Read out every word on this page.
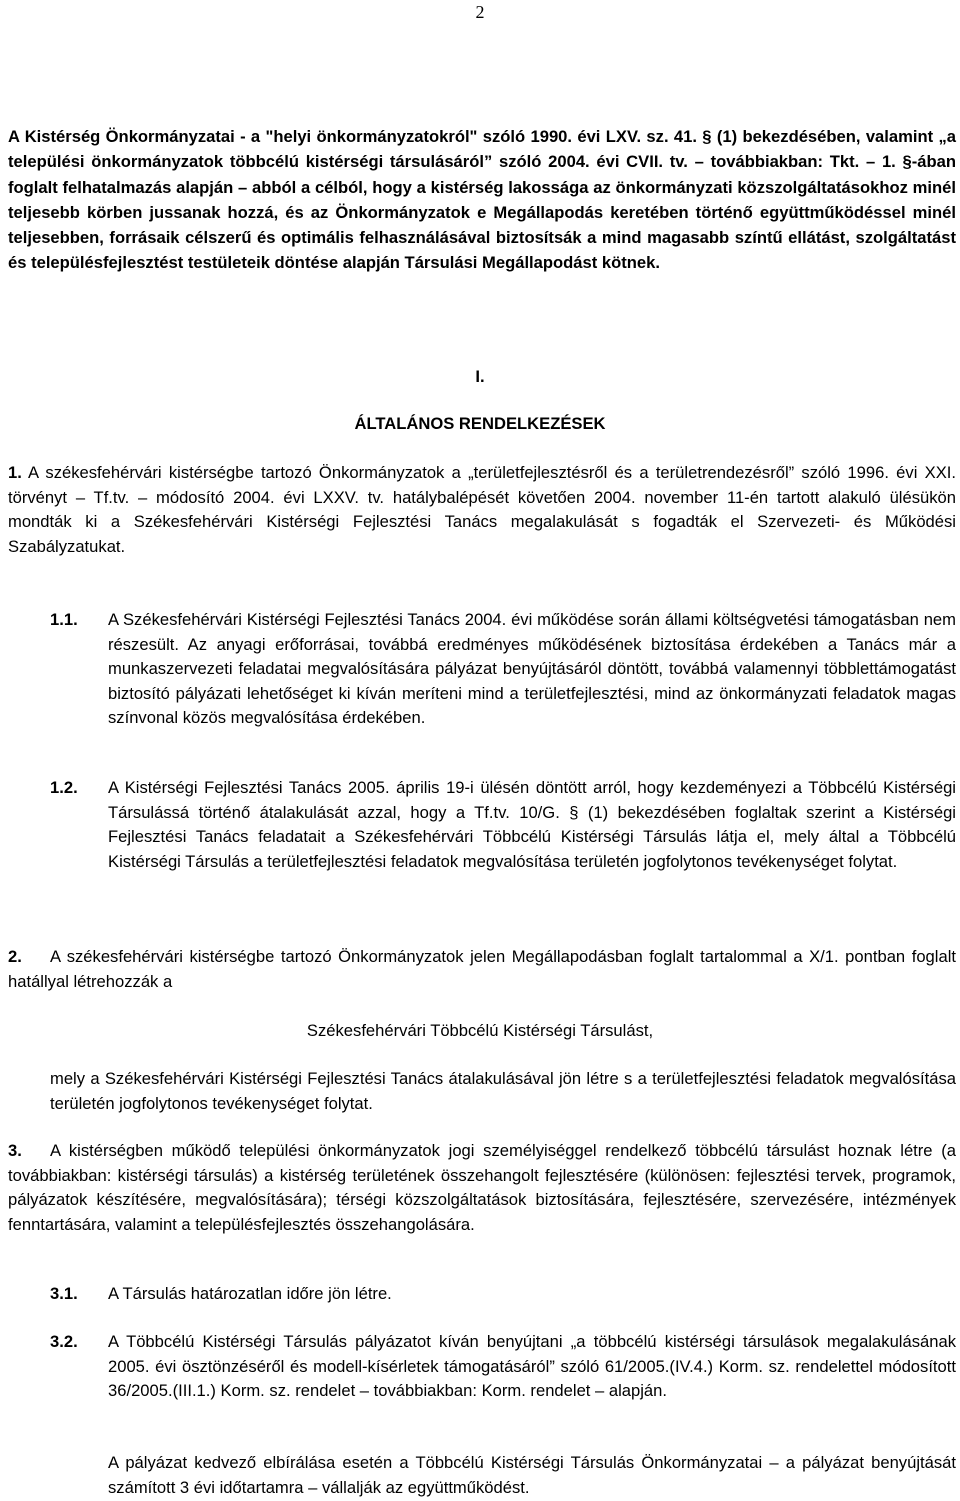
2
A Kistérség Önkormányzatai - a "helyi önkormányzatokról" szóló 1990. évi LXV. sz. 41. § (1) bekezdésében, valamint „a települési önkormányzatok többcélú kistérségi társulásáról” szóló 2004. évi CVII. tv. – továbbiakban: Tkt. – 1. §-ában foglalt felhatalmazás alapján – abból a célból, hogy a kistérség lakossága az önkormányzati közszolgáltatásokhoz minél teljesebb körben jussanak hozzá, és az Önkormányzatok e Megállapodás keretében történő együttműködéssel minél teljesebben, forrásaik célszerű és optimális felhasználásával biztosítsák a mind magasabb színtű ellátást, szolgáltatást és településfejlesztést testületeik döntése alapján Társulási Megállapodást kötnek.
I.
ÁLTALÁNOS RENDELKEZÉSEK
1. A székesfehérvári kistérségbe tartozó Önkormányzatok a „területfejlesztésről és a területrendezésről” szóló 1996. évi XXI. törvényt – Tf.tv. – módosító 2004. évi LXXV. tv. hatálybalépését követően 2004. november 11-én tartott alakuló ülésükön mondták ki a Székesfehérvári Kistérségi Fejlesztési Tanács megalakulását s fogadták el Szervezeti- és Működési Szabályzatukat.
1.1. A Székesfehérvári Kistérségi Fejlesztési Tanács 2004. évi működése során állami költségvetési támogatásban nem részesült. Az anyagi erőforrásai, továbbá eredményes működésének biztosítása érdekében a Tanács már a munkaszervezeti feladatai megvalósítására pályázat benyújtásáról döntött, továbbá valamennyi többlettámogatást biztosító pályázati lehetőséget ki kíván meríteni mind a területfejlesztési, mind az önkormányzati feladatok magas színvonal közös megvalósítása érdekében.
1.2. A Kistérségi Fejlesztési Tanács 2005. április 19-i ülésén döntött arról, hogy kezdeményezi a Többcélú Kistérségi Társulássá történő átalakulását azzal, hogy a Tf.tv. 10/G. § (1) bekezdésében foglaltak szerint a Kistérségi Fejlesztési Tanács feladatait a Székesfehérvári Többcélú Kistérségi Társulás látja el, mely által a Többcélú Kistérségi Társulás a területfejlesztési feladatok megvalósítása területén jogfolytonos tevékenységet folytat.
2.	A székesfehérvári kistérségbe tartozó Önkormányzatok jelen Megállapodásban foglalt tartalommal a X/1. pontban foglalt hatállyal létrehozzák a
Székesfehérvári Többcélú Kistérségi Társulást,
mely a Székesfehérvári Kistérségi Fejlesztési Tanács átalakulásával jön létre s a területfejlesztési feladatok megvalósítása területén jogfolytonos tevékenységet folytat.
3.	A kistérségben működő települési önkormányzatok jogi személyiséggel rendelkező többcélú társulást hoznak létre (a továbbiakban: kistérségi társulás) a kistérség területének összehangolt fejlesztésére (különösen: fejlesztési tervek, programok, pályázatok készítésére, megvalósítására); térségi közszolgáltatások biztosítására, fejlesztésére, szervezésére, intézmények fenntartására, valamint a településfejlesztés összehangolására.
3.1. A Társulás határozatlan időre jön létre.
3.2. A Többcélú Kistérségi Társulás pályázatot kíván benyújtani „a többcélú kistérségi társulások megalakulásának 2005. évi ösztönzéséről és modell-kísérletek támogatásáról” szóló 61/2005.(IV.4.) Korm. sz. rendelettel módosított 36/2005.(III.1.) Korm. sz. rendelet – továbbiakban: Korm. rendelet – alapján.
A pályázat kedvező elbírálása esetén a Többcélú Kistérségi Társulás Önkormányzatai – a pályázat benyújtását számított 3 évi időtartamra – vállalják az együttműködést.
